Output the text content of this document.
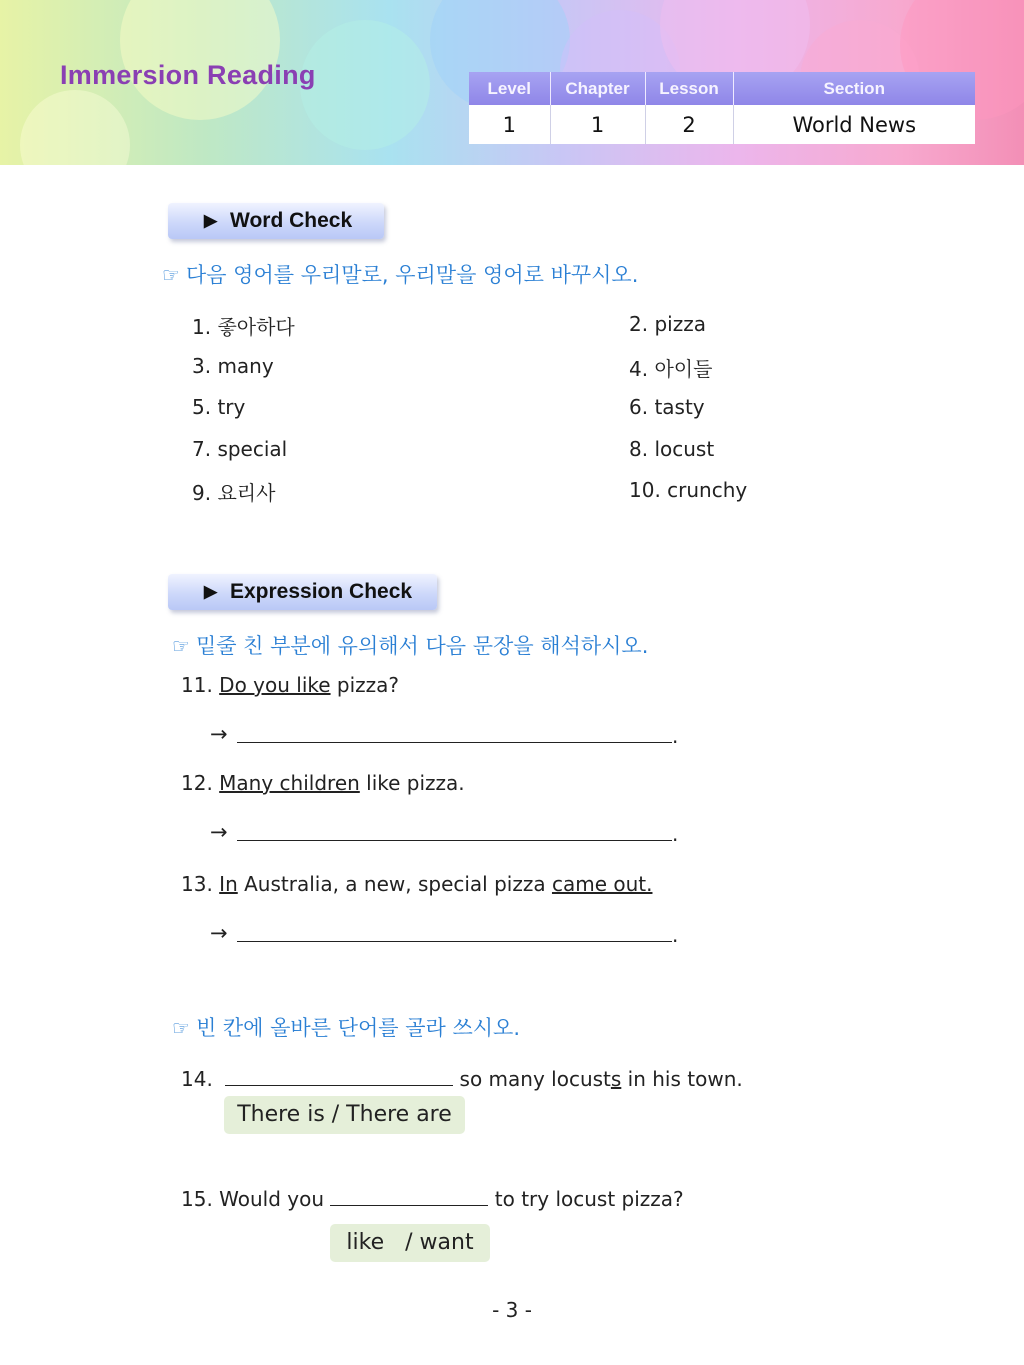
Immersion Reading	Level	Chapter	Lesson	Section
1	1	2	World News
▶ Word Check
☞ 다음 영어를 우리말로, 우리말을 영어로 바꾸시오.
1. 좋아하다	2. pizza
3. many	4. 아이들
5. try	6. tasty
7. special	8. locust
9. 요리사	10. crunchy
▶ Expression Check
☞ 밑줄 친 부분에 유의해서 다음 문장을 해석하시오.
11. Do you like pizza?
→	.
12. Many children like pizza.
→	.
13. In Australia, a new, special pizza came out.
→	.
☞ 빈 칸에 올바른 단어를 골라 쓰시오.
14.	so many locusts in his town.
There is / There are
15. Would you	to try locust pizza?
like   / want
- 3 -
